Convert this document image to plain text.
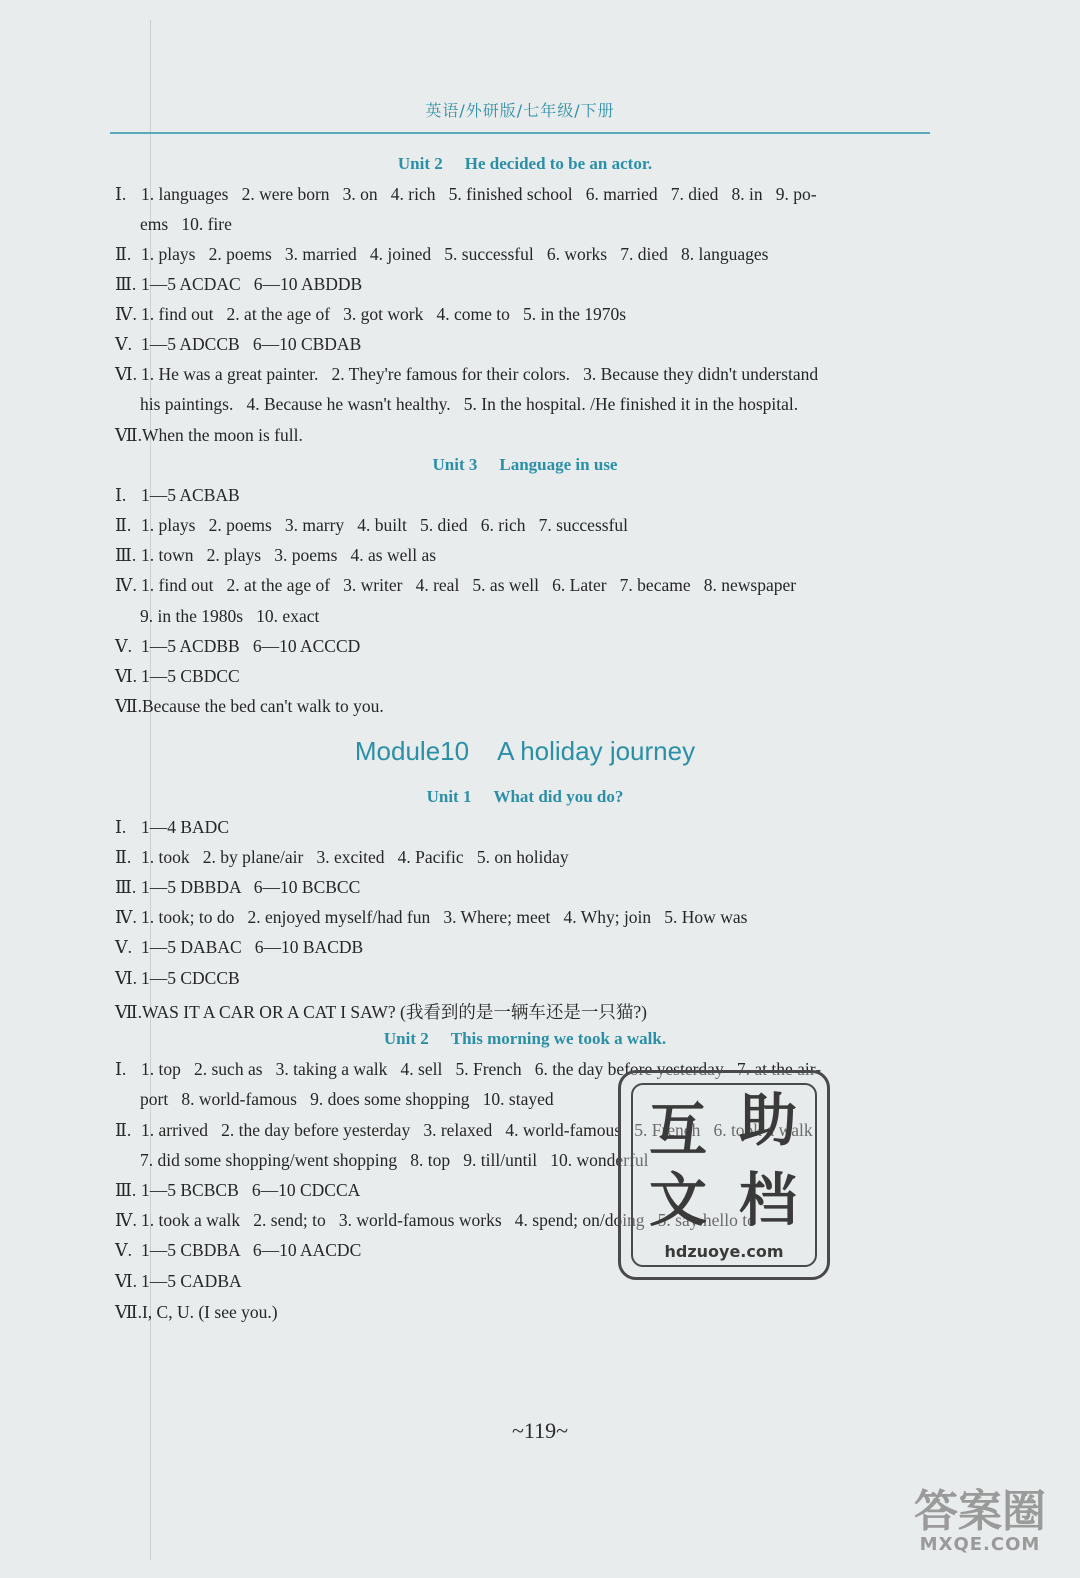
英语/外研版/七年级/下册
Unit 2 He decided to be an actor.
Ⅰ. 1. languages   2. were born   3. on   4. rich   5. finished school   6. married   7. died   8. in   9. po-
ems   10. fire
Ⅱ. 1. plays   2. poems   3. married   4. joined   5. successful   6. works   7. died   8. languages
Ⅲ. 1—5 ACDAC   6—10 ABDDB
Ⅳ. 1. find out   2. at the age of   3. got work   4. come to   5. in the 1970s
Ⅴ. 1—5 ADCCB   6—10 CBDAB
Ⅵ. 1. He was a great painter.   2. They're famous for their colors.   3. Because they didn't understand
his paintings.   4. Because he wasn't healthy.   5. In the hospital. /He finished it in the hospital.
Ⅶ.When the moon is full.
Unit 3 Language in use
Ⅰ. 1—5 ACBAB
Ⅱ. 1. plays   2. poems   3. marry   4. built   5. died   6. rich   7. successful
Ⅲ. 1. town   2. plays   3. poems   4. as well as
Ⅳ. 1. find out   2. at the age of   3. writer   4. real   5. as well   6. Later   7. became   8. newspaper
9. in the 1980s   10. exact
Ⅴ. 1—5 ACDBB   6—10 ACCCD
Ⅵ. 1—5 CBDCC
Ⅶ.Because the bed can't walk to you.
Module10 A holiday journey
Unit 1 What did you do?
Ⅰ. 1—4 BADC
Ⅱ. 1. took   2. by plane/air   3. excited   4. Pacific   5. on holiday
Ⅲ. 1—5 DBBDA   6—10 BCBCC
Ⅳ. 1. took; to do   2. enjoyed myself/had fun   3. Where; meet   4. Why; join   5. How was
Ⅴ. 1—5 DABAC   6—10 BACDB
Ⅵ. 1—5 CDCCB
Ⅶ.WAS IT A CAR OR A CAT I SAW? (我看到的是一辆车还是一只猫?)
Unit 2 This morning we took a walk.
Ⅰ. 1. top   2. such as   3. taking a walk   4. sell   5. French   6. the day before yesterday   7. at the air-
port   8. world-famous   9. does some shopping   10. stayed
Ⅱ. 1. arrived   2. the day before yesterday   3. relaxed   4. world-famous   5. French   6. took a walk
7. did some shopping/went shopping   8. top   9. till/until   10. wonderful
Ⅲ. 1—5 BCBCB   6—10 CDCCA
Ⅳ. 1. took a walk   2. send; to   3. world-famous works   4. spend; on/doing   5. say hello to
Ⅴ. 1—5 CBDBA   6—10 AACDC
Ⅵ. 1—5 CADBA
Ⅶ.I, C, U. (I see you.)
互 助
文 档
hdzuoye.com
~119~
答案圈
MXQE.COM
